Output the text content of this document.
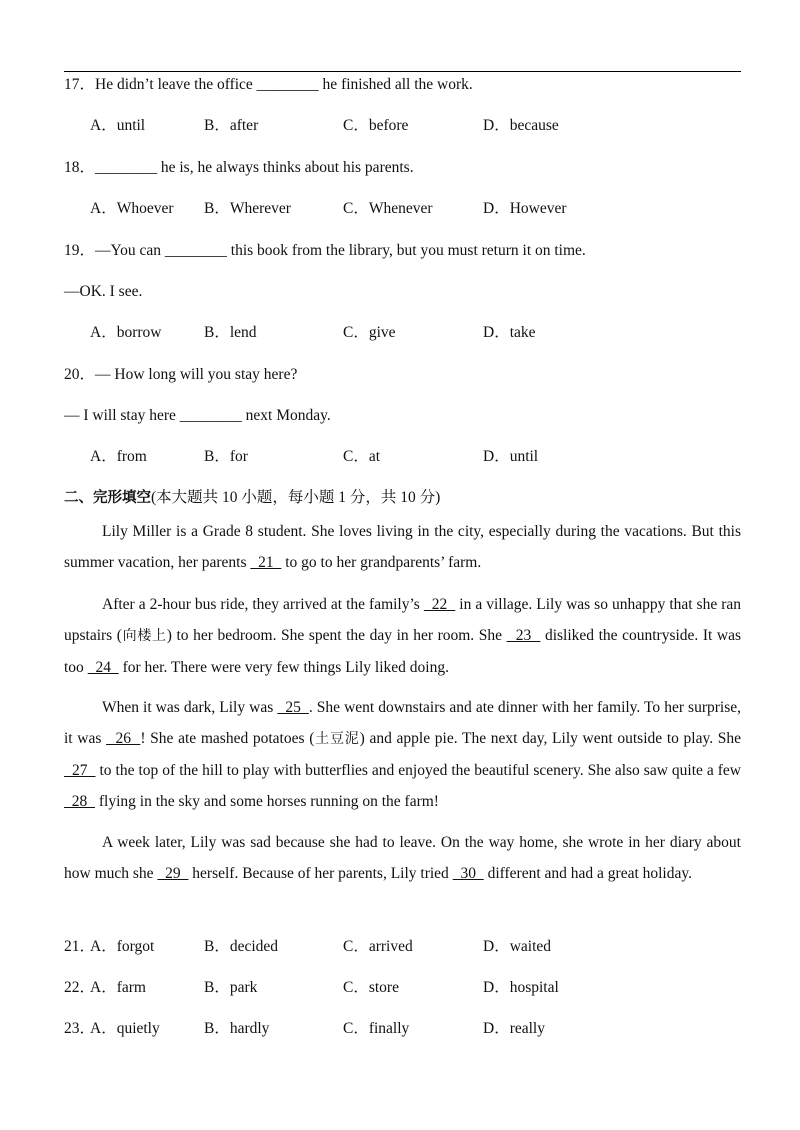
17．He didn’t leave the office ________ he finished all the work.
A．until	B．after	C．before	D．because
18．________ he is, he always thinks about his parents.
A．Whoever B．Wherever	C．Whenever	D．However
19．—You can ________ this book from the library, but you must return it on time.
—OK. I see.
A．borrow	B．lend	C．give	D．take
20．— How long will you stay here?
— I will stay here ________ next Monday.
A．from	B．for	C．at	D．until
二、完形填空(本大题共 10 小题，每小题 1 分，共 10 分)

Lily Miller is a Grade 8 student. She loves living in the city, especially during the vacations. But this summer vacation, her parents   21   to go to her grandparents’ farm.

After a 2-hour bus ride, they arrived at the family’s   22   in a village. Lily was so unhappy that she ran upstairs (向楼上) to her bedroom. She spent the day in her room. She   23   disliked the countryside. It was too   24   for her. There were very few things Lily liked doing.

When it was dark, Lily was   25  . She went downstairs and ate dinner with her family. To her surprise, it was   26  ! She ate mashed potatoes (土豆泥) and apple pie. The next day, Lily went outside to play. She   27   to the top of the hill to play with butterflies and enjoyed the beautiful scenery. She also saw quite a few   28   flying in the sky and some horses running on the farm!

A week later, Lily was sad because she had to leave. On the way home, she wrote in her diary about how much she   29   herself. Because of her parents, Lily tried   30   different and had a great holiday.

21．
A．forgot	B．decided	C．arrived	D．waited
22．
A．farm	B．park	C．store	D．hospital
23．
A．quietly	B．hardly	C．finally	D．really
